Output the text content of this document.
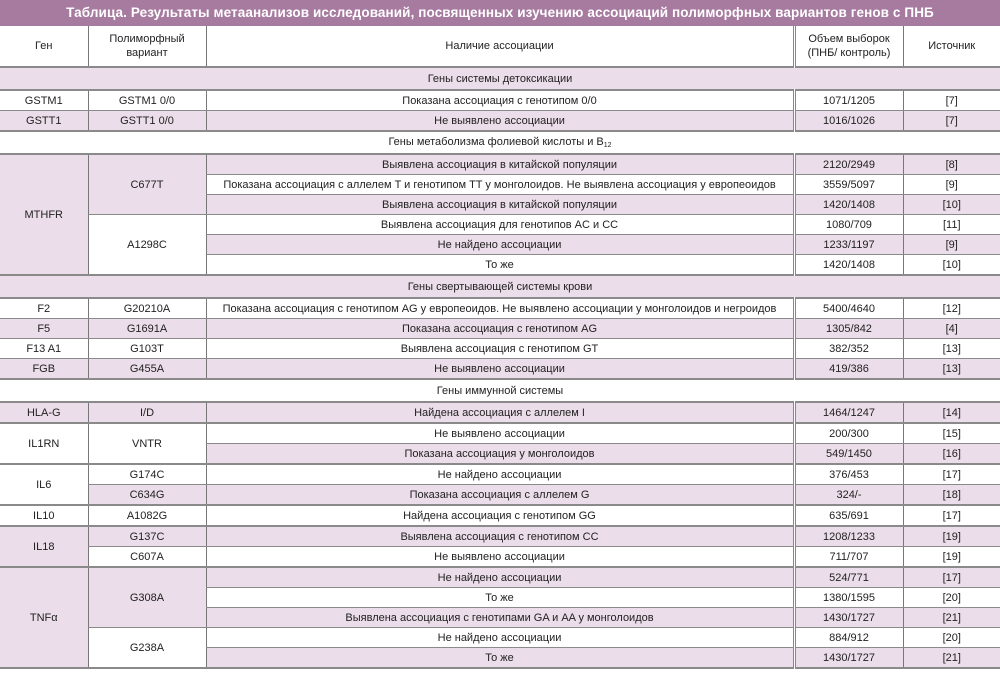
Таблица. Результаты метаанализов исследований, посвященных изучению ассоциаций полиморфных вариантов генов с ПНБ
Ген	Полиморфный вариант	Наличие ассоциации	Объем выборок (ПНБ/ контроль)	Источник
Гены системы детоксикации				
GSTM1	GSTM1 0/0	Показана ассоциация с генотипом 0/0	1071/1205	[7]
GSTT1	GSTT1 0/0	Не выявлено ассоциации	1016/1026	[7]
Гены метаболизма фолиевой кислоты и $B_{12}$
MTHFR	C677T	Выявлена ассоциация в китайской популяции	2120/2949	[8]
		Показана ассоциация с аллелем T и генотипом TT у монголоидов. Не выявлена ассоциация у европеоидов	3559/5097	[9]
		Выявлена ассоциация в китайской популяции	1420/1408	[10]
	A1298C	Выявлена ассоциация для генотипов AC и CC	1080/709	[11]
		Не найдено ассоциации	1233/1197	[9]
		То же	1420/1408	[10]
Гены свертывающей системы крови				
F2	G20210A	Показана ассоциация с генотипом AG у европеоидов. Не выявлено ассоциации у монголоидов и негроидов	5400/4640	[12]
F5	G1691A	Показана ассоциация с генотипом AG	1305/842	[4]
F13 A1	G103T	Выявлена ассоциация с генотипом GT	382/352	[13]
FGB	G455A	Не выявлено ассоциации	419/386	[13]
Гены иммунной системы				
HLA-G	I/D	Найдена ассоциация с аллелем I	1464/1247	[14]
IL1RN	VNTR	Не выявлено ассоциации	200/300	[15]
		Показана ассоциация у монголоидов	549/1450	[16]
IL6	G174C	Не найдено ассоциации	376/453	[17]
	C634G	Показана ассоциация с аллелем G	324/-	[18]
IL10	A1082G	Найдена ассоциация с генотипом GG	635/691	[17]
IL18	G137C	Выявлена ассоциация с генотипом CC	1208/1233	[19]
	C607A	Не выявлено ассоциации	711/707	[19]
TNFα	G308A	Не найдено ассоциации	524/771	[17]
		То же	1380/1595	[20]
		Выявлена ассоциация с генотипами GA и AA у монголоидов	1430/1727	[21]
	G238A	Не найдено ассоциации	884/912	[20]
		То же	1430/1727	[21]
